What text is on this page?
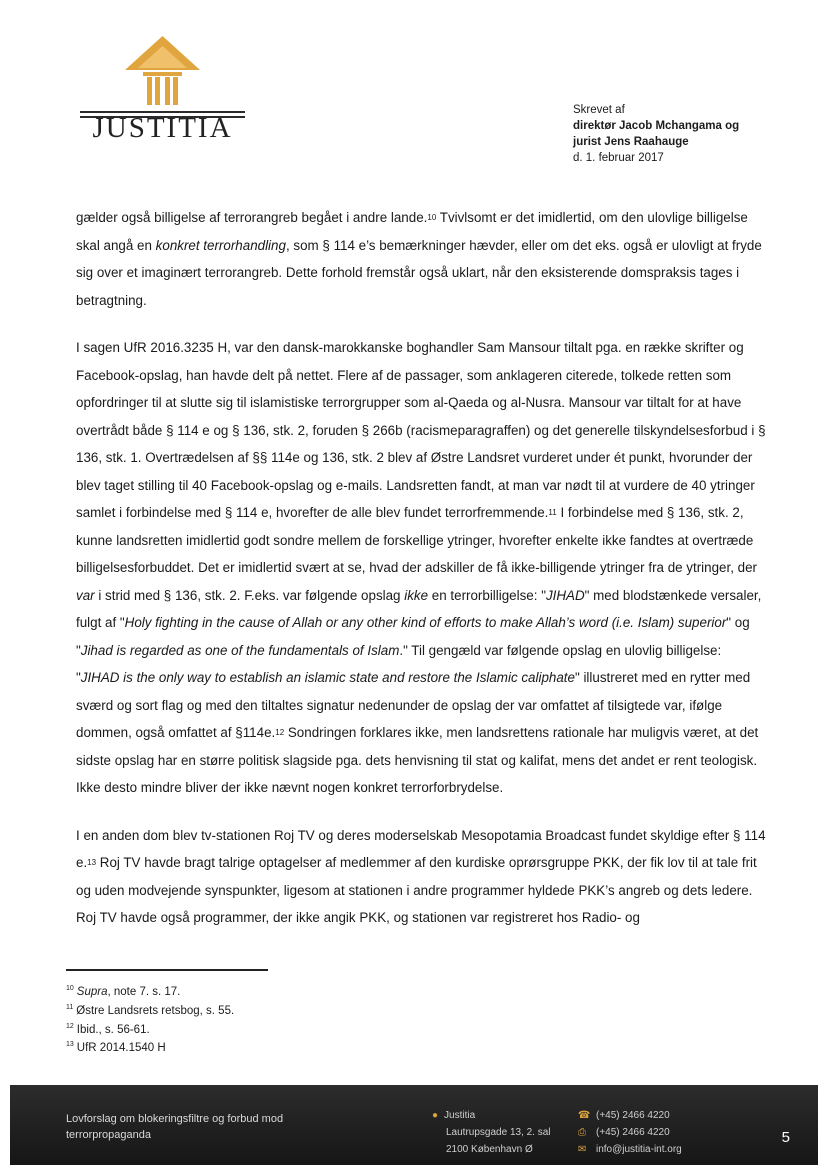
JUSTITIA
Skrevet af
direktør Jacob Mchangama og
jurist Jens Raahauge
d. 1. februar 2017

gælder også billigelse af terrorangreb begået i andre lande.$^{10}$ Tvivlsomt er det imidlertid, om den ulovlige billigelse skal angå en konkret terrorhandling, som § 114 e’s bemærkninger hævder, eller om det eks. også er ulovligt at fryde sig over et imaginært terrorangreb. Dette forhold fremstår også uklart, når den eksisterende domspraksis tages i betragtning.

I sagen UfR 2016.3235 H, var den dansk-marokkanske boghandler Sam Mansour tiltalt pga. en række skrifter og Facebook-opslag, han havde delt på nettet. Flere af de passager, som anklageren citerede, tolkede retten som opfordringer til at slutte sig til islamistiske terrorgrupper som al-Qaeda og al-Nusra. Mansour var tiltalt for at have overtrådt både § 114 e og § 136, stk. 2, foruden § 266b (racismeparagraffen) og det generelle tilskyndelsesforbud i § 136, stk. 1. Overtrædelsen af §§ 114e og 136, stk. 2 blev af Østre Landsret vurderet under ét punkt, hvorunder der blev taget stilling til 40 Facebook-opslag og e-mails. Landsretten fandt, at man var nødt til at vurdere de 40 ytringer samlet i forbindelse med § 114 e, hvorefter de alle blev fundet terrorfremmende.$^{11}$ I forbindelse med § 136, stk. 2, kunne landsretten imidlertid godt sondre mellem de forskellige ytringer, hvorefter enkelte ikke fandtes at overtræde billigelsesforbuddet. Det er imidlertid svært at se, hvad der adskiller de få ikke-billigende ytringer fra de ytringer, der var i strid med § 136, stk. 2. F.eks. var følgende opslag ikke en terrorbilligelse: "JIHAD" med blodstænkede versaler, fulgt af "Holy fighting in the cause of Allah or any other kind of efforts to make Allah’s word (i.e. Islam) superior" og "Jihad is regarded as one of the fundamentals of Islam." Til gengæld var følgende opslag en ulovlig billigelse: "JIHAD is the only way to establish an islamic state and restore the Islamic caliphate" illustreret med en rytter med sværd og sort flag og med den tiltaltes signatur nedenunder de opslag der var omfattet af tilsigtede var, ifølge dommen, også omfattet af §114e.$^{12}$ Sondringen forklares ikke, men landsrettens rationale har muligvis været, at det sidste opslag har en større politisk slagside pga. dets henvisning til stat og kalifat, mens det andet er rent teologisk. Ikke desto mindre bliver der ikke nævnt nogen konkret terrorforbrydelse.

I en anden dom blev tv-stationen Roj TV og deres moderselskab Mesopotamia Broadcast fundet skyldige efter § 114 e.$^{13}$ Roj TV havde bragt talrige optagelser af medlemmer af den kurdiske oprørsgruppe PKK, der fik lov til at tale frit og uden modvejende synspunkter, ligesom at stationen i andre programmer hyldede PKK’s angreb og dets ledere. Roj TV havde også programmer, der ikke angik PKK, og stationen var registreret hos Radio- og

$^{10}$ Supra, note 7. s. 17.
$^{11}$ Østre Landsrets retsbog, s. 55.
$^{12}$ Ibid., s. 56-61.
$^{13}$ UfR 2014.1540 H
Lovforslag om blokeringsfiltre og forbud mod
terrorpropaganda
● Justitia
Lautrupsgade 13, 2. sal
2100 København Ø
☎ (+45) 2466 4220
⎙ (+45) 2466 4220
✉ info@justitia-int.org
5
